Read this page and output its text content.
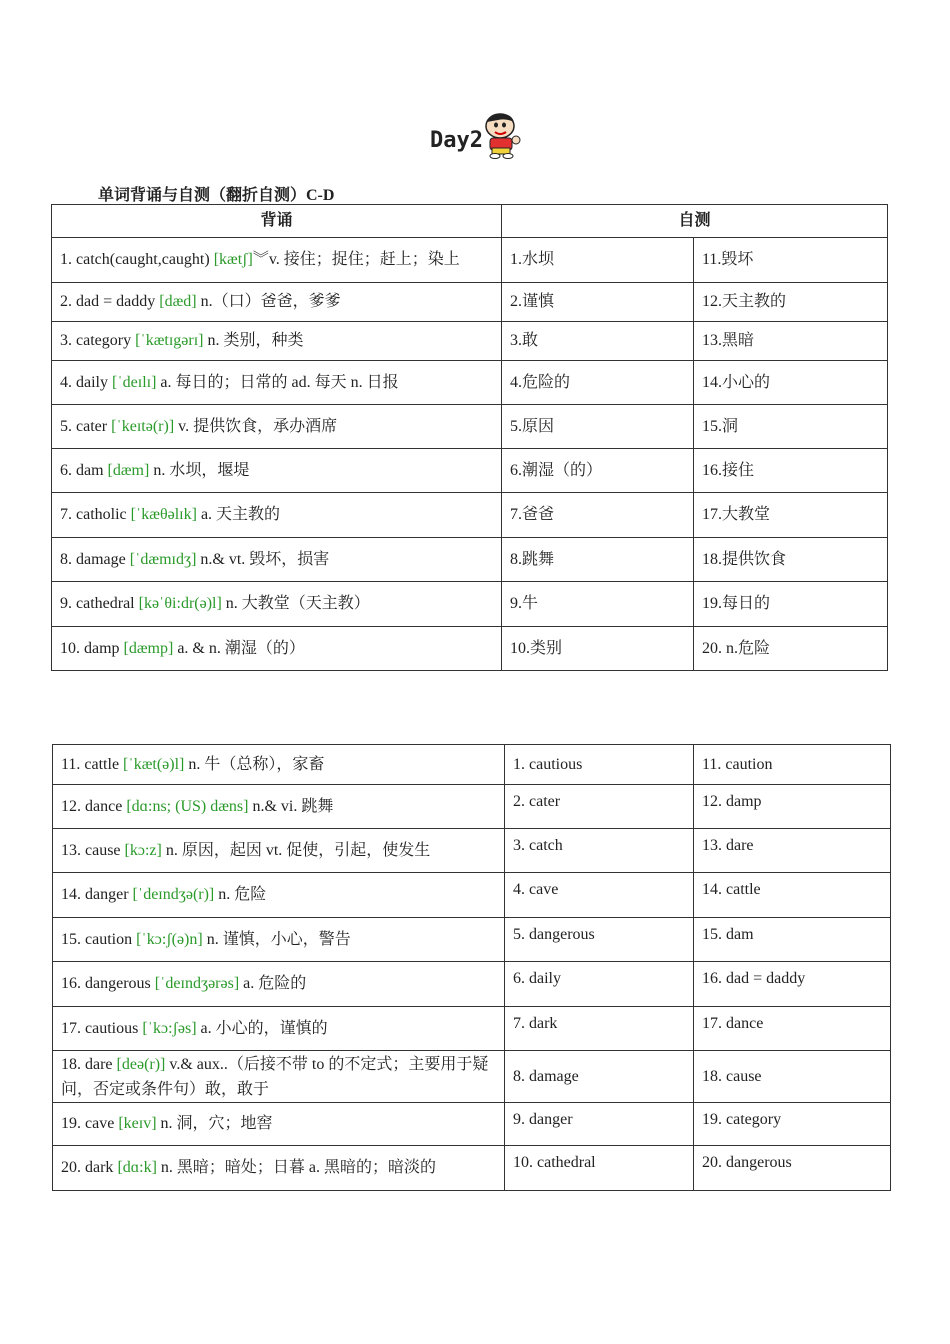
Day2
单词背诵与自测（翻折自测）C-D
背诵	自测	
1. catch(caught,caught) [kætʃ]︾v. 接住；捉住；赶上；染上	1.水坝	11.毁坏
2. dad = daddy [dæd] n.（口）爸爸，爹爹	2.谨慎	12.天主教的
3. category [ˈkætɪgərɪ] n. 类别，种类	3.敢	13.黑暗
4. daily [ˈdeɪlɪ] a. 每日的；日常的 ad. 每天 n. 日报	4.危险的	14.小心的
5. cater [ˈkeɪtə(r)] v. 提供饮食，承办酒席	5.原因	15.洞
6. dam [dæm] n. 水坝，堰堤	6.潮湿（的）	16.接住
7. catholic [ˈkæθəlɪk] a. 天主教的	7.爸爸	17.大教堂
8. damage [ˈdæmɪdʒ] n.& vt. 毁坏，损害	8.跳舞	18.提供饮食
9. cathedral [kəˈθi:dr(ə)l] n. 大教堂（天主教）	9.牛	19.每日的
10. damp [dæmp] a. & n. 潮湿（的）	10.类别	20. n.危险
11. cattle [ˈkæt(ə)l] n. 牛（总称），家畜	1. cautious	11. caution
12. dance [dɑ:ns; (US) dæns] n.& vi. 跳舞	2. cater	12. damp
13. cause [kɔ:z] n. 原因，起因 vt. 促使，引起，使发生	3. catch	13. dare
14. danger [ˈdeɪndʒə(r)] n. 危险	4. cave	14. cattle
15. caution [ˈkɔ:ʃ(ə)n] n. 谨慎，小心，警告	5. dangerous	15. dam
16. dangerous [ˈdeɪndʒərəs] a. 危险的	6. daily	16. dad = daddy
17. cautious [ˈkɔ:ʃəs] a. 小心的，谨慎的	7. dark	17. dance
18. dare [deə(r)] v.& aux..（后接不带 to 的不定式；主要用于疑问，否定或条件句）敢，敢于	8. damage	18. cause
19. cave [keɪv] n. 洞，穴；地窖	9. danger	19. category
20. dark [dɑ:k] n. 黑暗；暗处；日暮 a. 黑暗的；暗淡的	10. cathedral	20. dangerous
